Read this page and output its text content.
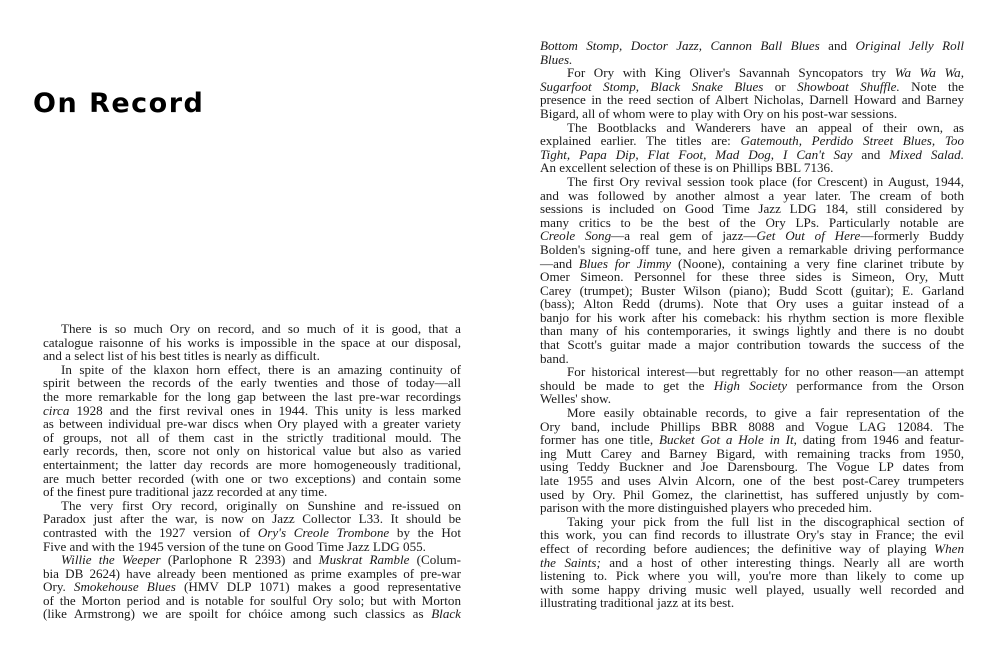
On Record
There is so much Ory on record, and so much of it is good, that a
catalogue raisonne of his works is impossible in the space at our disposal,
and a select list of his best titles is nearly as difficult.
In spite of the klaxon horn effect, there is an amazing continuity of
spirit between the records of the early twenties and those of today—all
the more remarkable for the long gap between the last pre-war recordings
circa 1928 and the first revival ones in 1944. This unity is less marked
as between individual pre-war discs when Ory played with a greater variety
of groups, not all of them cast in the strictly traditional mould. The
early records, then, score not only on historical value but also as varied
entertainment; the latter day records are more homogeneously traditional,
are much better recorded (with one or two exceptions) and contain some
of the finest pure traditional jazz recorded at any time.
The very first Ory record, originally on Sunshine and re-issued on
Paradox just after the war, is now on Jazz Collector L33. It should be
contrasted with the 1927 version of Ory's Creole Trombone by the Hot
Five and with the 1945 version of the tune on Good Time Jazz LDG 055.
Willie the Weeper (Parlophone R 2393) and Muskrat Ramble (Colum-
bia DB 2624) have already been mentioned as prime examples of pre-war
Ory. Smokehouse Blues (HMV DLP 1071) makes a good representative
of the Morton period and is notable for soulful Ory solo; but with Morton
(like Armstrong) we are spoilt for chóice among such classics as Black
Bottom Stomp, Doctor Jazz, Cannon Ball Blues and Original Jelly Roll
Blues.
For Ory with King Oliver's Savannah Syncopators try Wa Wa Wa,
Sugarfoot Stomp, Black Snake Blues or Showboat Shuffle. Note the
presence in the reed section of Albert Nicholas, Darnell Howard and Barney
Bigard, all of whom were to play with Ory on his post-war sessions.
The Bootblacks and Wanderers have an appeal of their own, as
explained earlier. The titles are: Gatemouth, Perdido Street Blues, Too
Tight, Papa Dip, Flat Foot, Mad Dog, I Can't Say and Mixed Salad.
An excellent selection of these is on Phillips BBL 7136.
The first Ory revival session took place (for Crescent) in August, 1944,
and was followed by another almost a year later. The cream of both
sessions is included on Good Time Jazz LDG 184, still considered by
many critics to be the best of the Ory LPs. Particularly notable are
Creole Song—a real gem of jazz—Get Out of Here—formerly Buddy
Bolden's signing-off tune, and here given a remarkable driving performance
—and Blues for Jimmy (Noone), containing a very fine clarinet tribute by
Omer Simeon. Personnel for these three sides is Simeon, Ory, Mutt
Carey (trumpet); Buster Wilson (piano); Budd Scott (guitar); E. Garland
(bass); Alton Redd (drums). Note that Ory uses a guitar instead of a
banjo for his work after his comeback: his rhythm section is more flexible
than many of his contemporaries, it swings lightly and there is no doubt
that Scott's guitar made a major contribution towards the success of the
band.
For historical interest—but regrettably for no other reason—an attempt
should be made to get the High Society performance from the Orson
Welles' show.
More easily obtainable records, to give a fair representation of the
Ory band, include Phillips BBR 8088 and Vogue LAG 12084. The
former has one title, Bucket Got a Hole in It, dating from 1946 and featur-
ing Mutt Carey and Barney Bigard, with remaining tracks from 1950,
using Teddy Buckner and Joe Darensbourg. The Vogue LP dates from
late 1955 and uses Alvin Alcorn, one of the best post-Carey trumpeters
used by Ory. Phil Gomez, the clarinettist, has suffered unjustly by com-
parison with the more distinguished players who preceded him.
Taking your pick from the full list in the discographical section of
this work, you can find records to illustrate Ory's stay in France; the evil
effect of recording before audiences; the definitive way of playing When
the Saints; and a host of other interesting things. Nearly all are worth
listening to. Pick where you will, you're more than likely to come up
with some happy driving music well played, usually well recorded and
illustrating traditional jazz at its best.
